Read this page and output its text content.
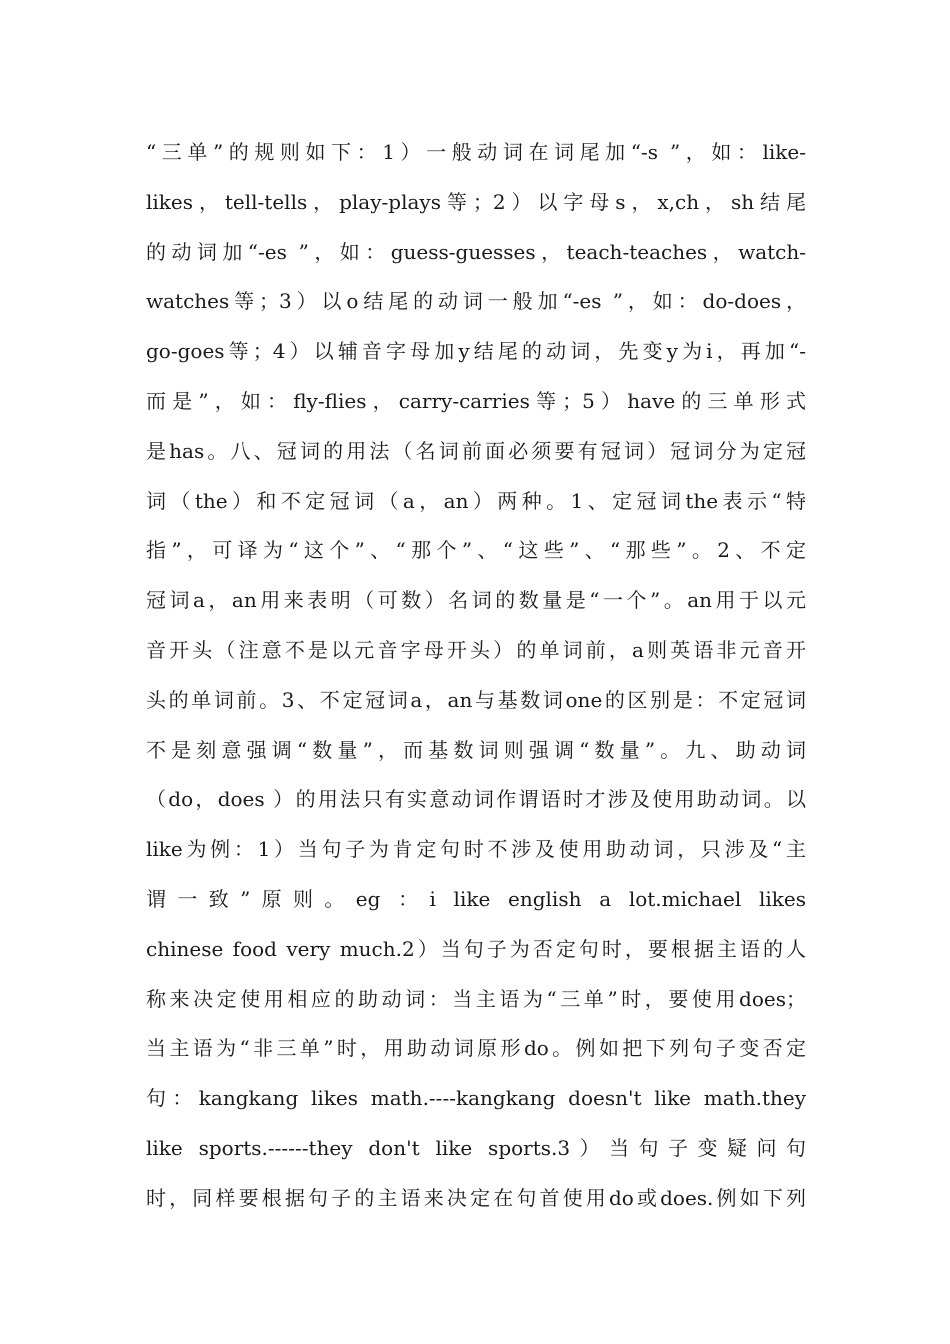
“三单”的规则如下：1）一般动词在词尾加“-s ”，如：like-
likes，tell-tells，play-plays等；2）以字母s，x,ch，sh结尾
的动词加“-es ”，如：guess-guesses，teach-teaches，watch-
watches等；3）以o结尾的动词一般加“-es ”，如：do-does，
go-goes等；4）以辅音字母加y结尾的动词，先变y为i，再加“-
而是”，如：fly-flies，carry-carries等；5）have的三单形式
是has。八、冠词的用法（名词前面必须要有冠词）冠词分为定冠
词（the）和不定冠词（a，an）两种。1、定冠词the表示“特
指”，可译为“这个”、“那个”、“这些”、“那些”。2、不定
冠词a，an用来表明（可数）名词的数量是“一个”。an用于以元
音开头（注意不是以元音字母开头）的单词前，a则英语非元音开
头的单词前。3、不定冠词a，an与基数词one的区别是：不定冠词
不是刻意强调“数量”，而基数词则强调“数量”。九、助动词
（do，does ）的用法只有实意动词作谓语时才涉及使用助动词。以
like为例：1）当句子为肯定句时不涉及使用助动词，只涉及“主
谓一致”原则。eg ：i like english a lot.michael likes
chinese food very much.2）当句子为否定句时，要根据主语的人
称来决定使用相应的助动词：当主语为“三单”时，要使用does；
当主语为“非三单”时，用助动词原形do。例如把下列句子变否定
句：kangkang likes math.----kangkang doesn't like math.they
like sports.------they don't like sports.3）当句子变疑问句
时，同样要根据句子的主语来决定在句首使用do或does.例如下列
